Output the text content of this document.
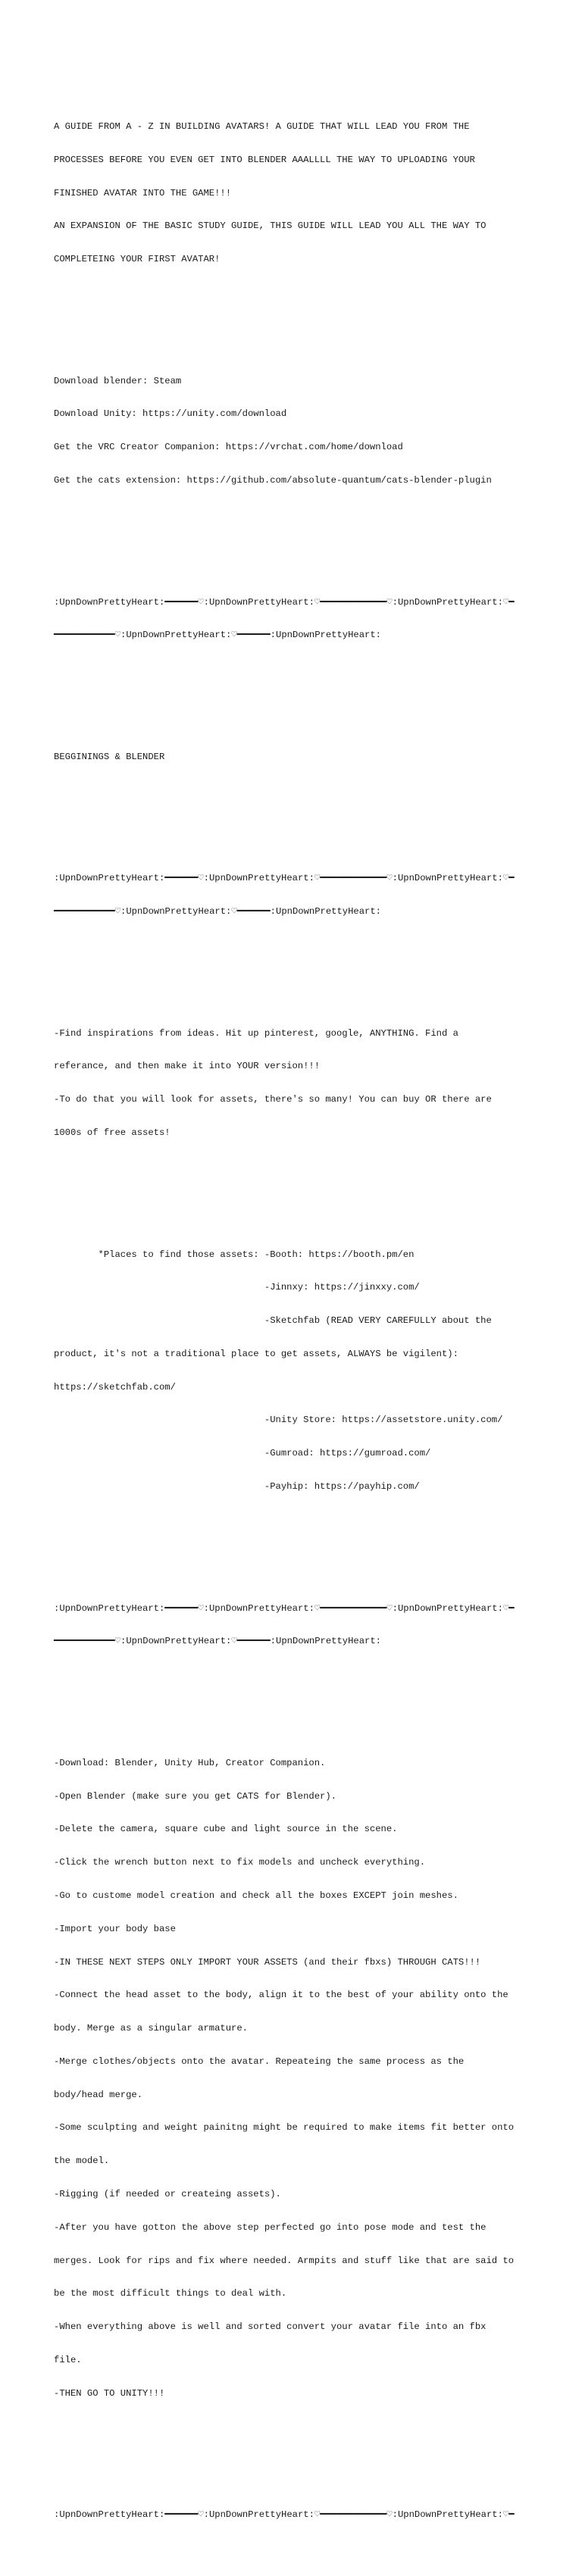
A GUIDE FROM A - Z IN BUILDING AVATARS! A GUIDE THAT WILL LEAD YOU FROM THE

PROCESSES BEFORE YOU EVEN GET INTO BLENDER AAALLLL THE WAY TO UPLOADING YOUR

FINISHED AVATAR INTO THE GAME!!!

AN EXPANSION OF THE BASIC STUDY GUIDE, THIS GUIDE WILL LEAD YOU ALL THE WAY TO

COMPLETEING YOUR FIRST AVATAR!

Download blender: Steam

Download Unity: https://unity.com/download

Get the VRC Creator Companion: https://vrchat.com/home/download

Get the cats extension: https://github.com/absolute-quantum/cats-blender-plugin

:UpnDownPrettyHeart:━━━━━━♡:UpnDownPrettyHeart:♡━━━━━━━━━━━━♡:UpnDownPrettyHeart:♡━

━━━━━━━━━━━♡:UpnDownPrettyHeart:♡━━━━━━:UpnDownPrettyHeart:

BEGGININGS & BLENDER

:UpnDownPrettyHeart:━━━━━━♡:UpnDownPrettyHeart:♡━━━━━━━━━━━━♡:UpnDownPrettyHeart:♡━

━━━━━━━━━━━♡:UpnDownPrettyHeart:♡━━━━━━:UpnDownPrettyHeart:

-Find inspirations from ideas. Hit up pinterest, google, ANYTHING. Find a

referance, and then make it into YOUR version!!!

-To do that you will look for assets, there's so many! You can buy OR there are

1000s of free assets!

*Places to find those assets: -Booth: https://booth.pm/en

-Jinnxy: https://jinxxy.com/

-Sketchfab (READ VERY CAREFULLY about the

product, it's not a traditional place to get assets, ALWAYS be vigilent):

https://sketchfab.com/

-Unity Store: https://assetstore.unity.com/

-Gumroad: https://gumroad.com/

-Payhip: https://payhip.com/

:UpnDownPrettyHeart:━━━━━━♡:UpnDownPrettyHeart:♡━━━━━━━━━━━━♡:UpnDownPrettyHeart:♡━

━━━━━━━━━━━♡:UpnDownPrettyHeart:♡━━━━━━:UpnDownPrettyHeart:

-Download: Blender, Unity Hub, Creator Companion.

-Open Blender (make sure you get CATS for Blender).

-Delete the camera, square cube and light source in the scene.

-Click the wrench button next to fix models and uncheck everything.

-Go to custome model creation and check all the boxes EXCEPT join meshes.

-Import your body base

-IN THESE NEXT STEPS ONLY IMPORT YOUR ASSETS (and their fbxs) THROUGH CATS!!!

-Connect the head asset to the body, align it to the best of your ability onto the

body. Merge as a singular armature.

-Merge clothes/objects onto the avatar. Repeateing the same process as the

body/head merge.

-Some sculpting and weight painitng might be required to make items fit better onto

the model.

-Rigging (if needed or createing assets).

-After you have gotton the above step perfected go into pose mode and test the

merges. Look for rips and fix where needed. Armpits and stuff like that are said to

be the most difficult things to deal with.

-When everything above is well and sorted convert your avatar file into an fbx

file.

-THEN GO TO UNITY!!!

:UpnDownPrettyHeart:━━━━━━♡:UpnDownPrettyHeart:♡━━━━━━━━━━━━♡:UpnDownPrettyHeart:♡━
